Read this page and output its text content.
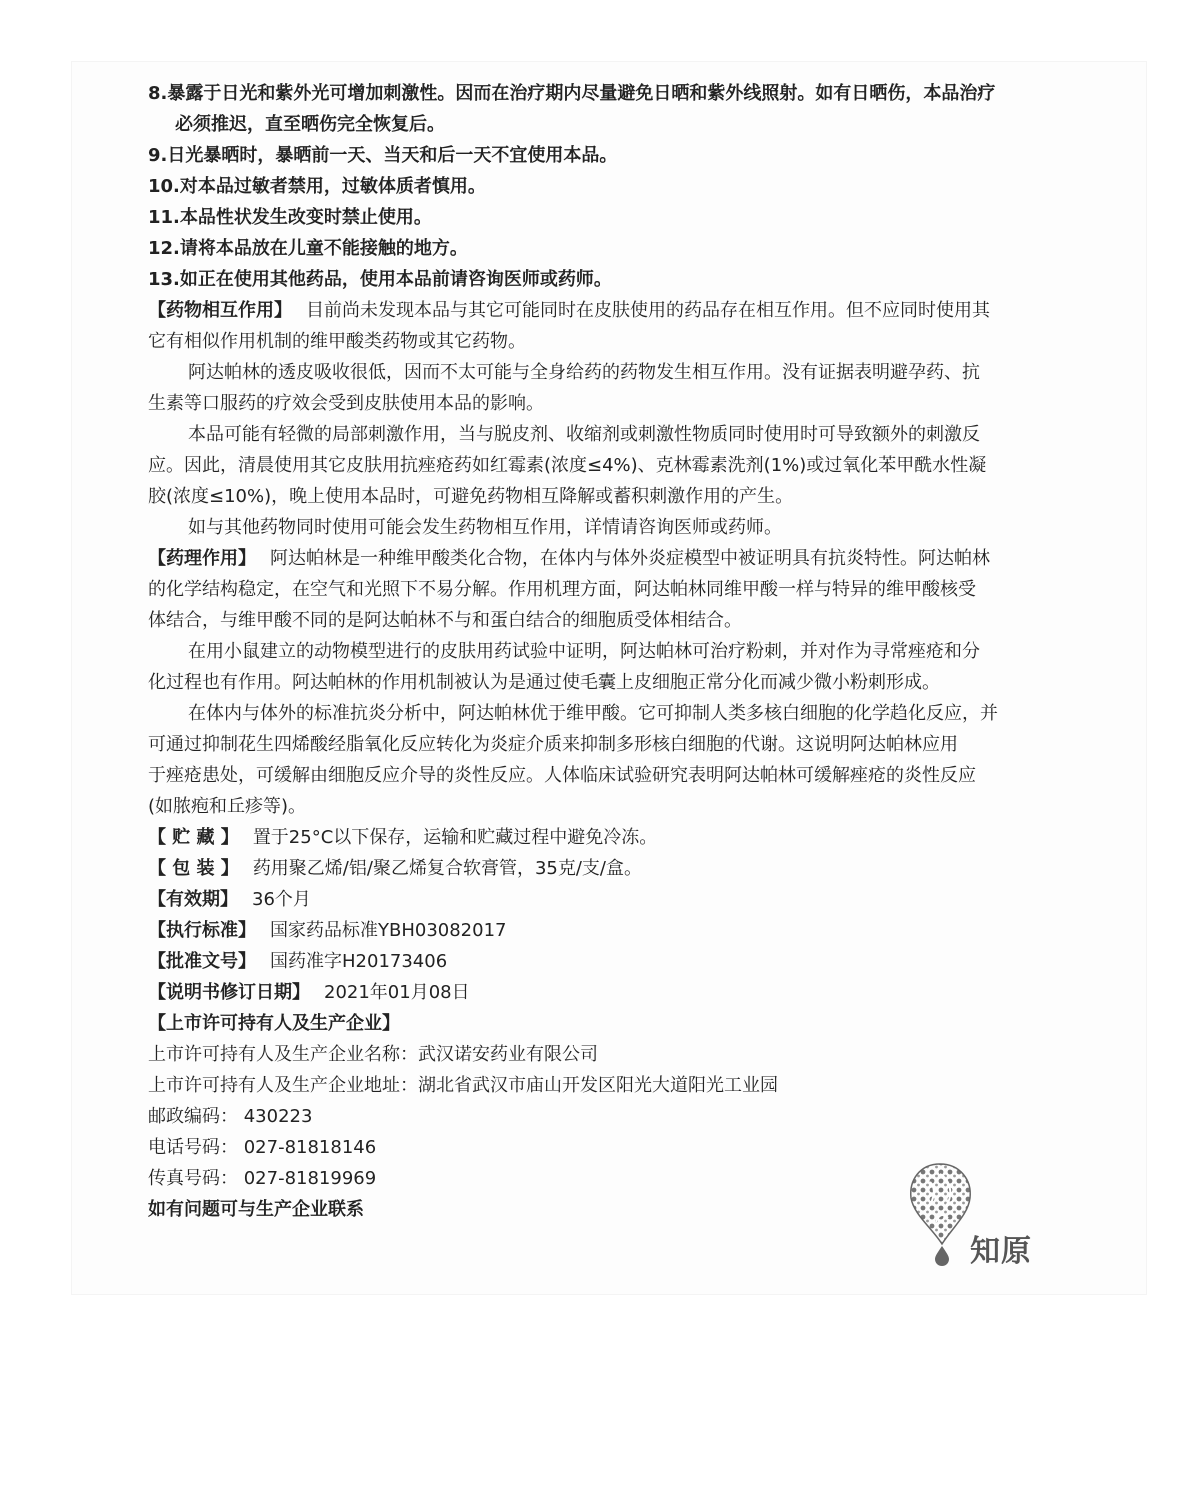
8.暴露于日光和紫外光可增加刺激性。因而在治疗期内尽量避免日晒和紫外线照射。如有日晒伤，本品治疗
必须推迟，直至晒伤完全恢复后。
9.日光暴晒时，暴晒前一天、当天和后一天不宜使用本品。
10.对本品过敏者禁用，过敏体质者慎用。
11.本品性状发生改变时禁止使用。
12.请将本品放在儿童不能接触的地方。
13.如正在使用其他药品，使用本品前请咨询医师或药师。
【药物相互作用】 目前尚未发现本品与其它可能同时在皮肤使用的药品存在相互作用。但不应同时使用其
它有相似作用机制的维甲酸类药物或其它药物。
阿达帕林的透皮吸收很低，因而不太可能与全身给药的药物发生相互作用。没有证据表明避孕药、抗
生素等口服药的疗效会受到皮肤使用本品的影响。
本品可能有轻微的局部刺激作用，当与脱皮剂、收缩剂或刺激性物质同时使用时可导致额外的刺激反
应。因此，清晨使用其它皮肤用抗痤疮药如红霉素(浓度≤4%)、克林霉素洗剂(1%)或过氧化苯甲酰水性凝
胶(浓度≤10%)，晚上使用本品时，可避免药物相互降解或蓄积刺激作用的产生。
如与其他药物同时使用可能会发生药物相互作用，详情请咨询医师或药师。
【药理作用】 阿达帕林是一种维甲酸类化合物，在体内与体外炎症模型中被证明具有抗炎特性。阿达帕林
的化学结构稳定，在空气和光照下不易分解。作用机理方面，阿达帕林同维甲酸一样与特异的维甲酸核受
体结合，与维甲酸不同的是阿达帕林不与和蛋白结合的细胞质受体相结合。
在用小鼠建立的动物模型进行的皮肤用药试验中证明，阿达帕林可治疗粉刺，并对作为寻常痤疮和分
化过程也有作用。阿达帕林的作用机制被认为是通过使毛囊上皮细胞正常分化而减少微小粉刺形成。
在体内与体外的标准抗炎分析中，阿达帕林优于维甲酸。它可抑制人类多核白细胞的化学趋化反应，并
可通过抑制花生四烯酸经脂氧化反应转化为炎症介质来抑制多形核白细胞的代谢。这说明阿达帕林应用
于痤疮患处，可缓解由细胞反应介导的炎性反应。人体临床试验研究表明阿达帕林可缓解痤疮的炎性反应
(如脓疱和丘疹等)。
【 贮 藏 】 置于25°C以下保存，运输和贮藏过程中避免冷冻。
【 包 装 】 药用聚乙烯/铝/聚乙烯复合软膏管，35克/支/盒。
【有效期】 36个月
【执行标准】 国家药品标准YBH03082017
【批准文号】 国药准字H20173406
【说明书修订日期】 2021年01月08日
【上市许可持有人及生产企业】
上市许可持有人及生产企业名称：武汉诺安药业有限公司
上市许可持有人及生产企业地址：湖北省武汉市庙山开发区阳光大道阳光工业园
邮政编码： 430223
电话号码： 027-81818146
传真号码： 027-81819969
如有问题可与生产企业联系
知原
